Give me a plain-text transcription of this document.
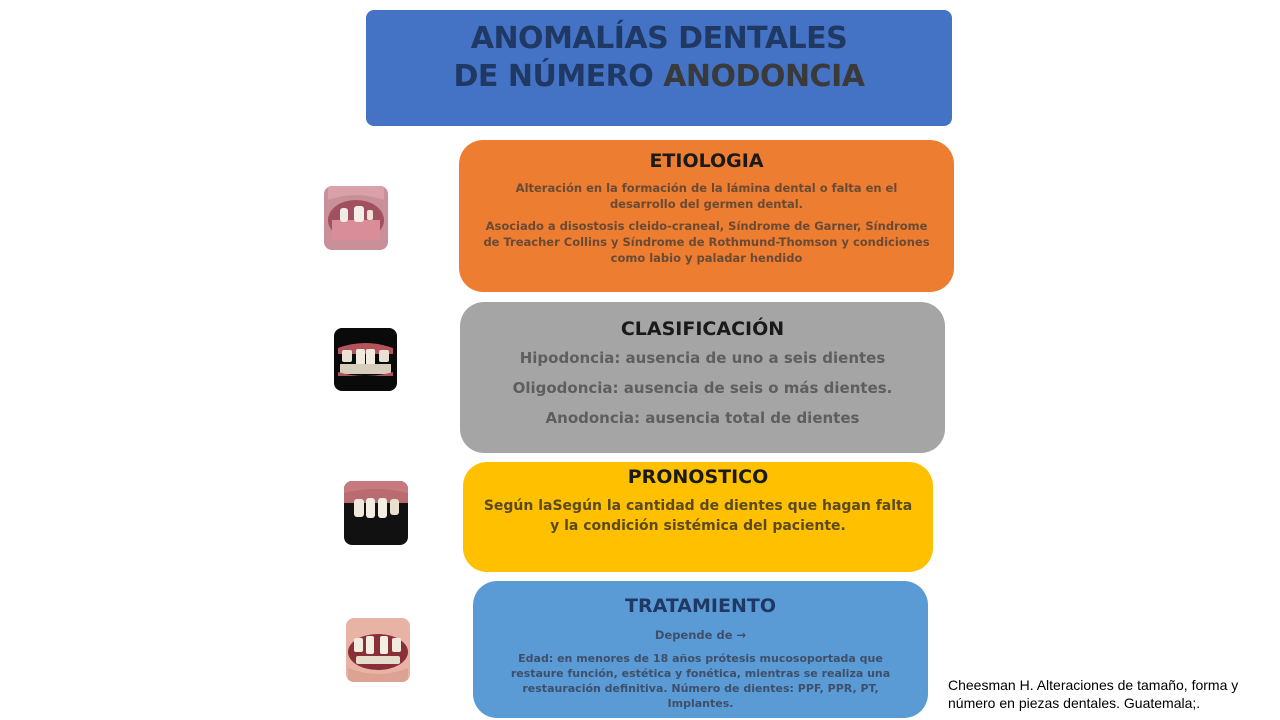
ANOMALÍAS DENTALES
DE NÚMERO ANODONCIA
ETIOLOGIA

Alteración en la formación de la lámina dental o falta en el desarrollo del germen dental.

Asociado a disostosis cleido-craneal, Síndrome de Garner, Síndrome de Treacher Collins y Síndrome de Rothmund-Thomson y condiciones como labio y paladar hendido

CLASIFICACIÓN

Hipodoncia: ausencia de uno a seis dientes

Oligodoncia: ausencia de seis o más dientes.

Anodoncia: ausencia total de dientes

PRONOSTICO

Según laSegún la cantidad de dientes que hagan falta y la condición sistémica del paciente.

TRATAMIENTO

Depende de →

Edad: en menores de 18 años prótesis mucosoportada que restaure función, estética y fonética, mientras se realiza una restauración definitiva. Número de dientes: PPF, PPR, PT, Implantes.

Cheesman H. Alteraciones de tamaño, forma y número en piezas dentales. Guatemala;.
